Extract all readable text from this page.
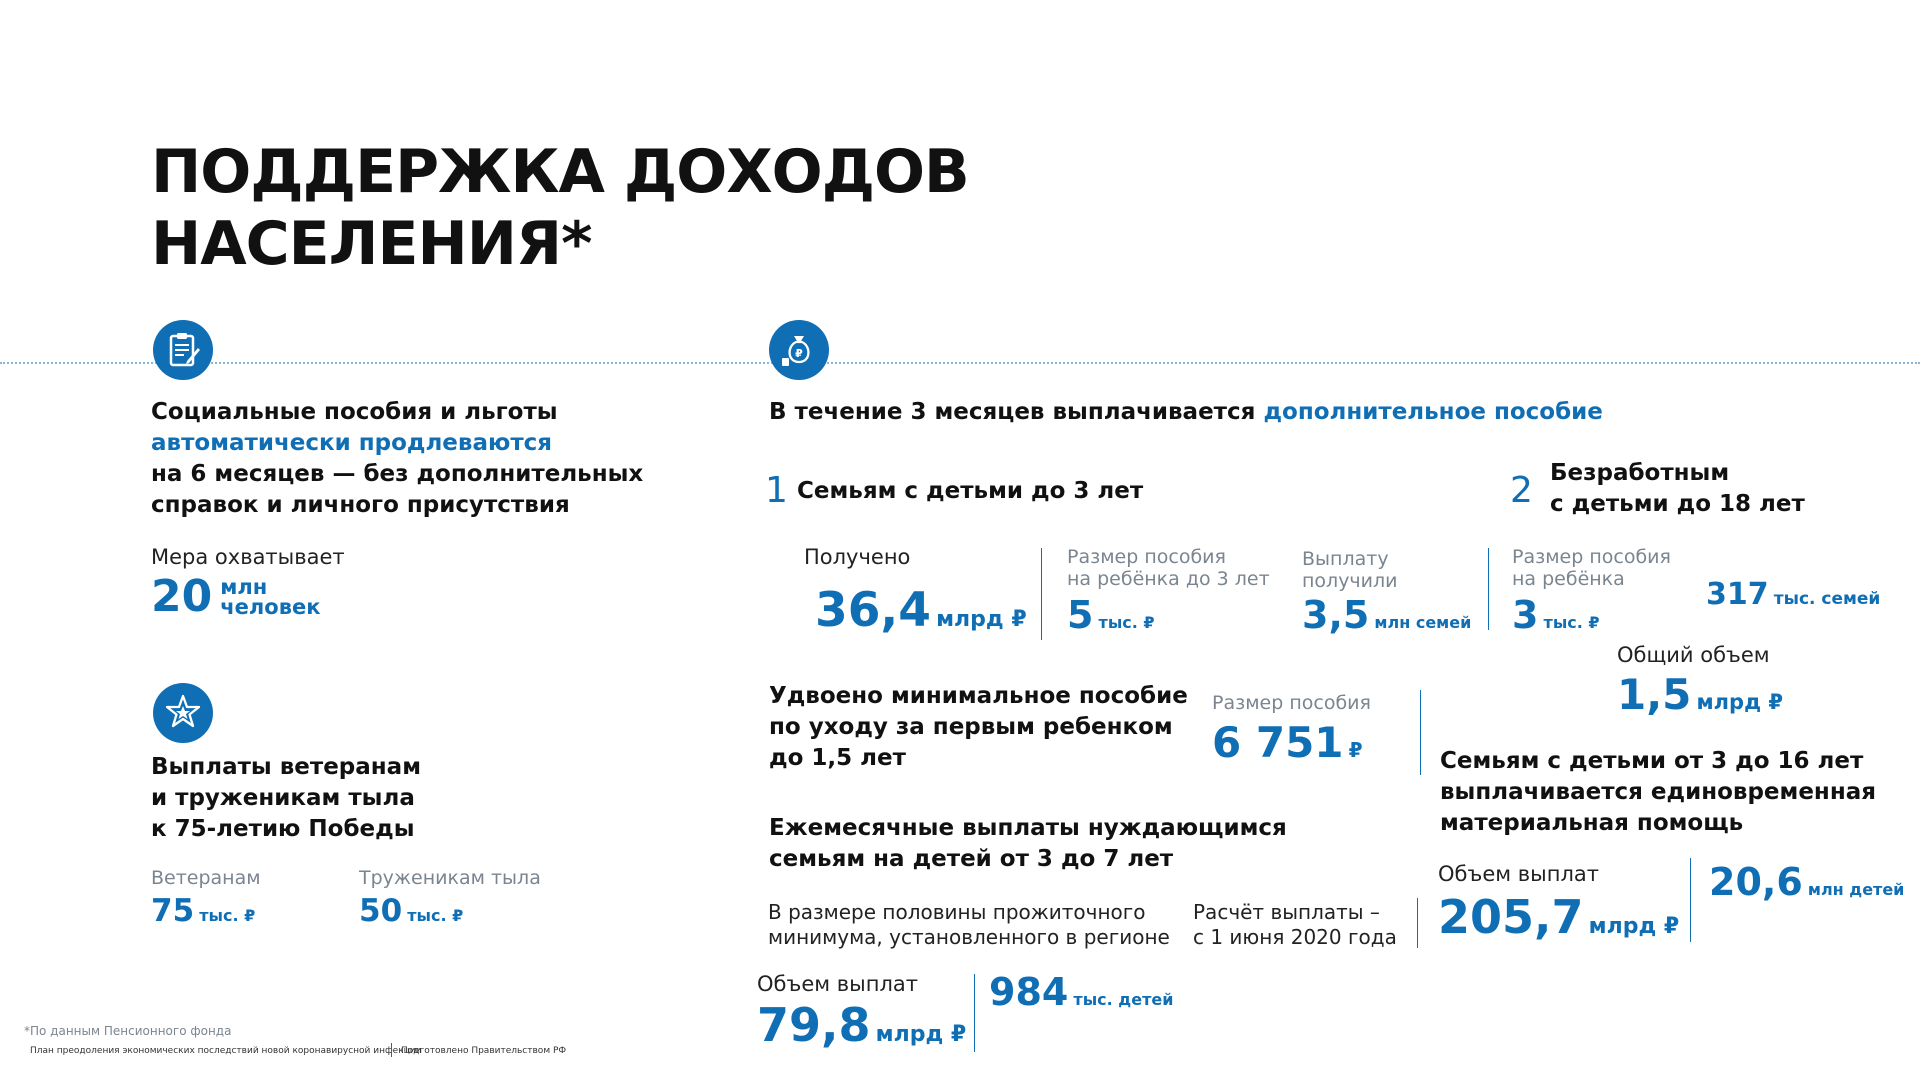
ПОДДЕРЖКА ДОХОДОВ
НАСЕЛЕНИЯ*

Социальные пособия и льготы
автоматически продлеваются
на 6 месяцев — без дополнительных
справок и личного присутствия

Мера охватывает
20 млн
человек

Выплаты ветеранам
и труженикам тыла
к 75-летию Победы

Ветеранам
75 тыс. ₽
Труженикам тыла
50 тыс. ₽
₽
В течение 3 месяцев выплачивается дополнительное пособие
1 Семьям с детьми до 3 лет
Получено
36,4 млрд ₽
Размер пособия
на ребёнка до 3 лет
5 тыс. ₽
Выплату
получили
3,5 млн семей
2 Безработным
с детьми до 18 лет
Размер пособия
на ребёнка
3 тыс. ₽
317 тыс. семей
Общий объем
1,5 млрд ₽
Удвоено минимальное пособие
по уходу за первым ребенком
до 1,5 лет
Размер пособия
6 751 ₽	Семьям с детьми от 3 до 16 лет
выплачивается единовременная
материальная помощь
Объем выплат
205,7 млрд ₽
20,6 млн детей
Ежемесячные выплаты нуждающимся
семьям на детей от 3 до 7 лет
В размере половины прожиточного
минимума, установленного в регионе
Расчёт выплаты –
с 1 июня 2020 года
Объем выплат
79,8 млрд ₽
984 тыс. детей
*По данным Пенсионного фонда
План преодоления экономических последствий новой коронавирусной инфекции
Подготовлено Правительством РФ
